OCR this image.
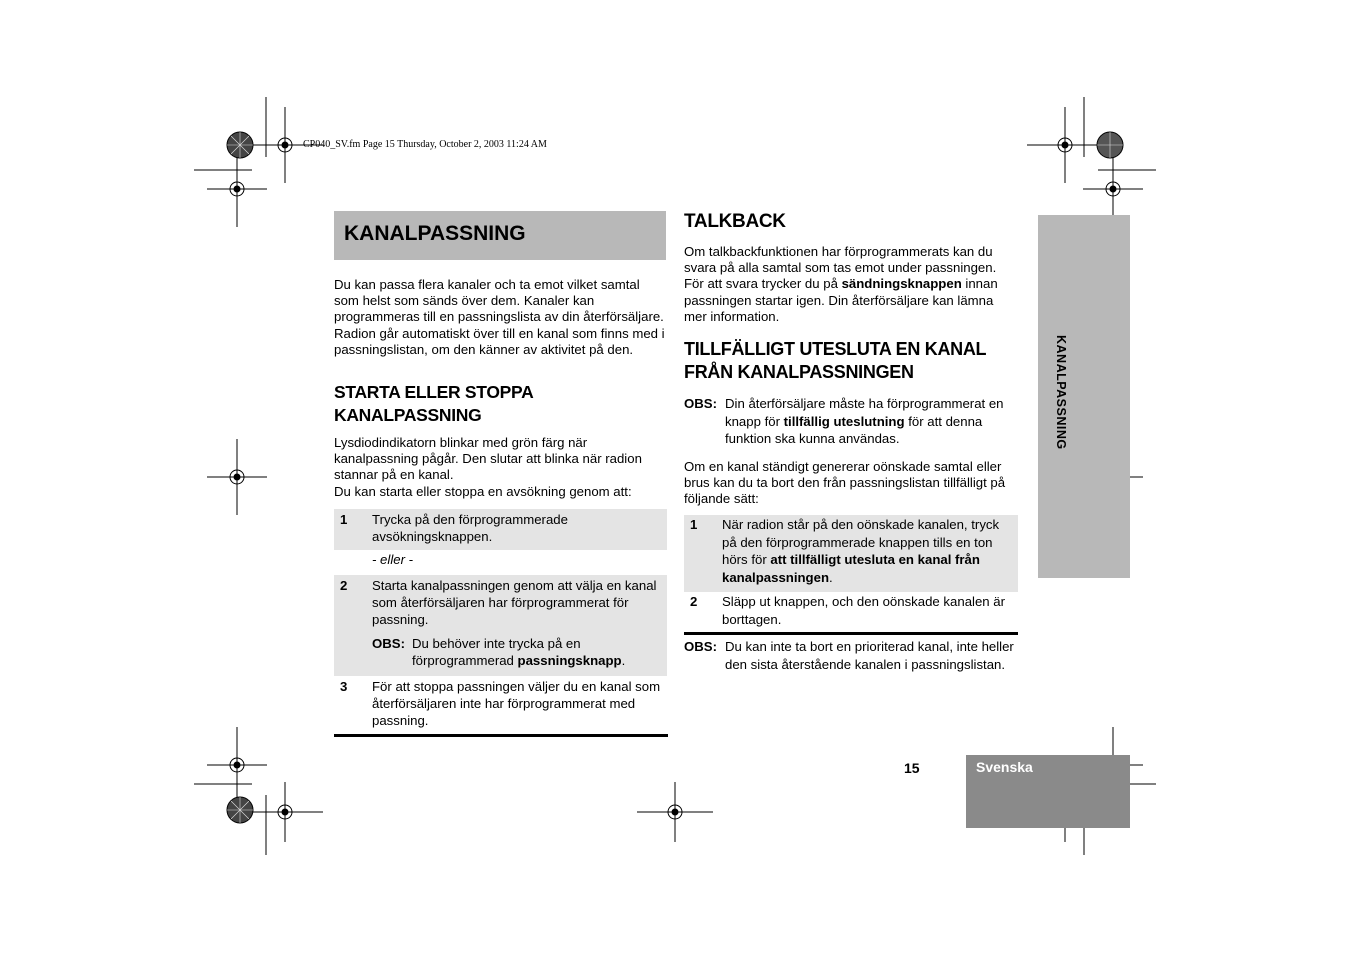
CP040_SV.fm Page 15 Thursday, October 2, 2003 11:24 AM
KANALPASSNING
Du kan passa flera kanaler och ta emot vilket samtal som helst som sänds över dem. Kanaler kan programmeras till en passningslista av din återförsäljare. Radion går automatiskt över till en kanal som finns med i passningslistan, om den känner av aktivitet på den.
STARTA ELLER STOPPA
KANALPASSNING
Lysdiodindikatorn blinkar med grön färg när kanalpassning pågår. Den slutar att blinka när radion stannar på en kanal.
Du kan starta eller stoppa en avsökning genom att:
1 Trycka på den förprogrammerade avsökningsknappen.
- eller -
2 Starta kanalpassningen genom att välja en kanal som återförsäljaren har förprogrammerat för passning.
OBS: Du behöver inte trycka på en förprogrammerad passningsknapp.
3 För att stoppa passningen väljer du en kanal som återförsäljaren inte har förprogrammerat med passning.
TALKBACK
Om talkbackfunktionen har förprogrammerats kan du svara på alla samtal som tas emot under passningen. För att svara trycker du på sändningsknappen innan passningen startar igen. Din återförsäljare kan lämna mer information.
TILLFÄLLIGT UTESLUTA EN KANAL
FRÅN KANALPASSNINGEN
OBS: Din återförsäljare måste ha förprogrammerat en knapp för tillfällig uteslutning för att denna funktion ska kunna användas.
Om en kanal ständigt genererar oönskade samtal eller brus kan du ta bort den från passningslistan tillfälligt på följande sätt:
1 När radion står på den oönskade kanalen, tryck på den förprogrammerade knappen tills en ton hörs för att tillfälligt utesluta en kanal från kanalpassningen.
2 Släpp ut knappen, och den oönskade kanalen är borttagen.
OBS: Du kan inte ta bort en prioriterad kanal, inte heller den sista återstående kanalen i passningslistan.
KANALPASSNING
15	Svenska
